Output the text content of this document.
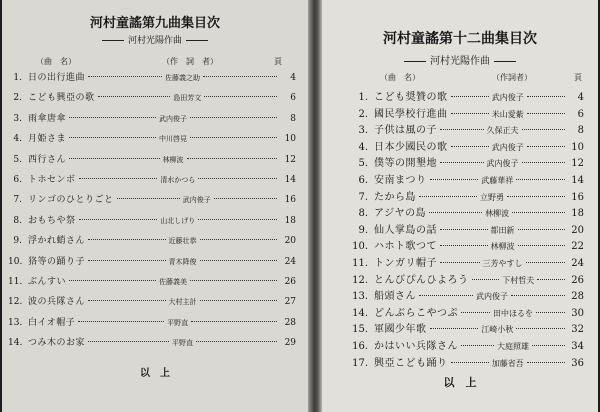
河村童謠第九曲集目次
河村光陽作曲
（曲　名）	（作　詞　者）	頁
1. 日の出行進曲	佐藤義之助	4
2. こども興亞の歌	島田芳文	6
3. 雨傘唐傘	武内俊子	8
4. 月姫さま	中川啓見	10
5. 西行さん	林柳波	12
6. トホセンボ	清水かつら	14
7. リンゴのひとりごと	武内俊子	16
8. おもちや祭	山北しげり	18
9. 浮かれ蛸さん	近藤壮恭	20
10. 狢等の踊り子	青木降俊	24
11. ぶんすい	佐藤義美	26
12. 波の兵隊さん	大村主計	27
13. 白イオ帽子	平野直	28
14. つみ木のお家	平野直	29
以　上
河村童謠第十二曲集目次
河村光陽作曲
（曲　名）	（作詞者）	頁
1. こども奨贊の歌	武内俊子	4
2. 國民學校行進曲	米山愛紫	6
3. 子供は風の子	久保正夫	8
4. 日本少國民の歌	武内俊子	10
5. 僕等の開墾地	武内俊子	12
6. 安南まつり	武藤華祥	14
7. たから島	立野勇	16
8. アジヤの島	林柳波	18
9. 仙人掌島の話	都田新	20
10. ハホト歌つて	林柳波	22
11. トンガリ帽子	三芳やすし	24
12. とんびぴんひよろう	下村哲夫	26
13. 船頭さん	武内俊子	28
14. どんぶらこやつぷ	田中ほるを	30
15. 軍國少年歌	江崎小秋	32
16. かはいい兵隊さん	大庭照雄	34
17. 興亞こども踊り	加藤省吾	36
以　上
